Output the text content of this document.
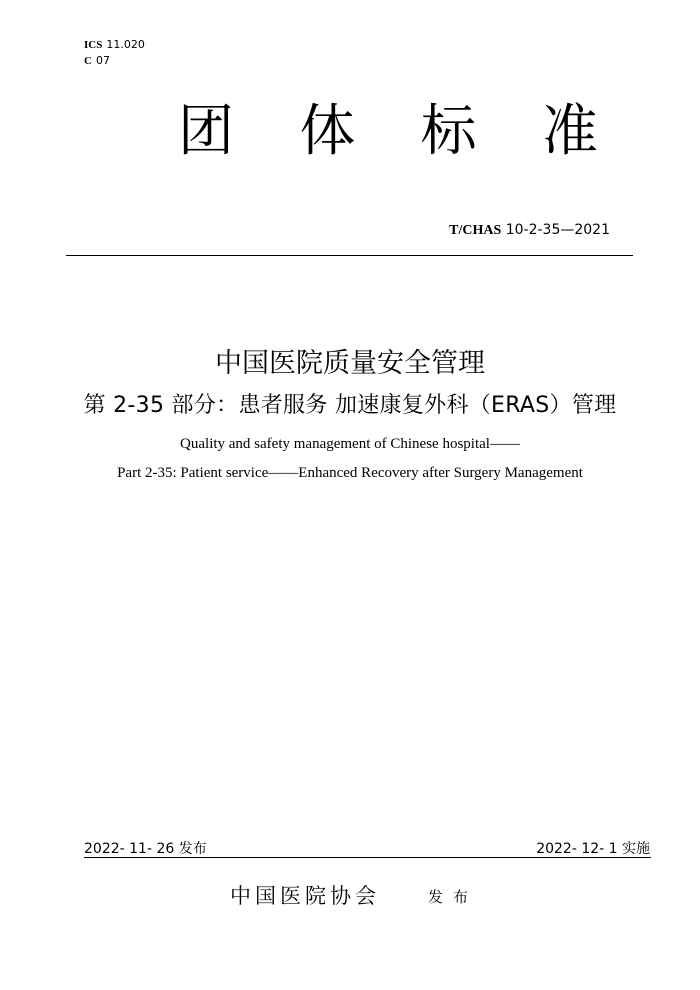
ICS 11.020
C 07
团 体 标 准
T/CHAS 10-2-35—2021
中国医院质量安全管理
第 2-35 部分：患者服务 加速康复外科（ERAS）管理
Quality and safety management of Chinese hospital——
Part 2-35: Patient service——Enhanced Recovery after Surgery Management
2022- 11- 26 发布	2022- 12- 1 实施
中国医院协会	发布
